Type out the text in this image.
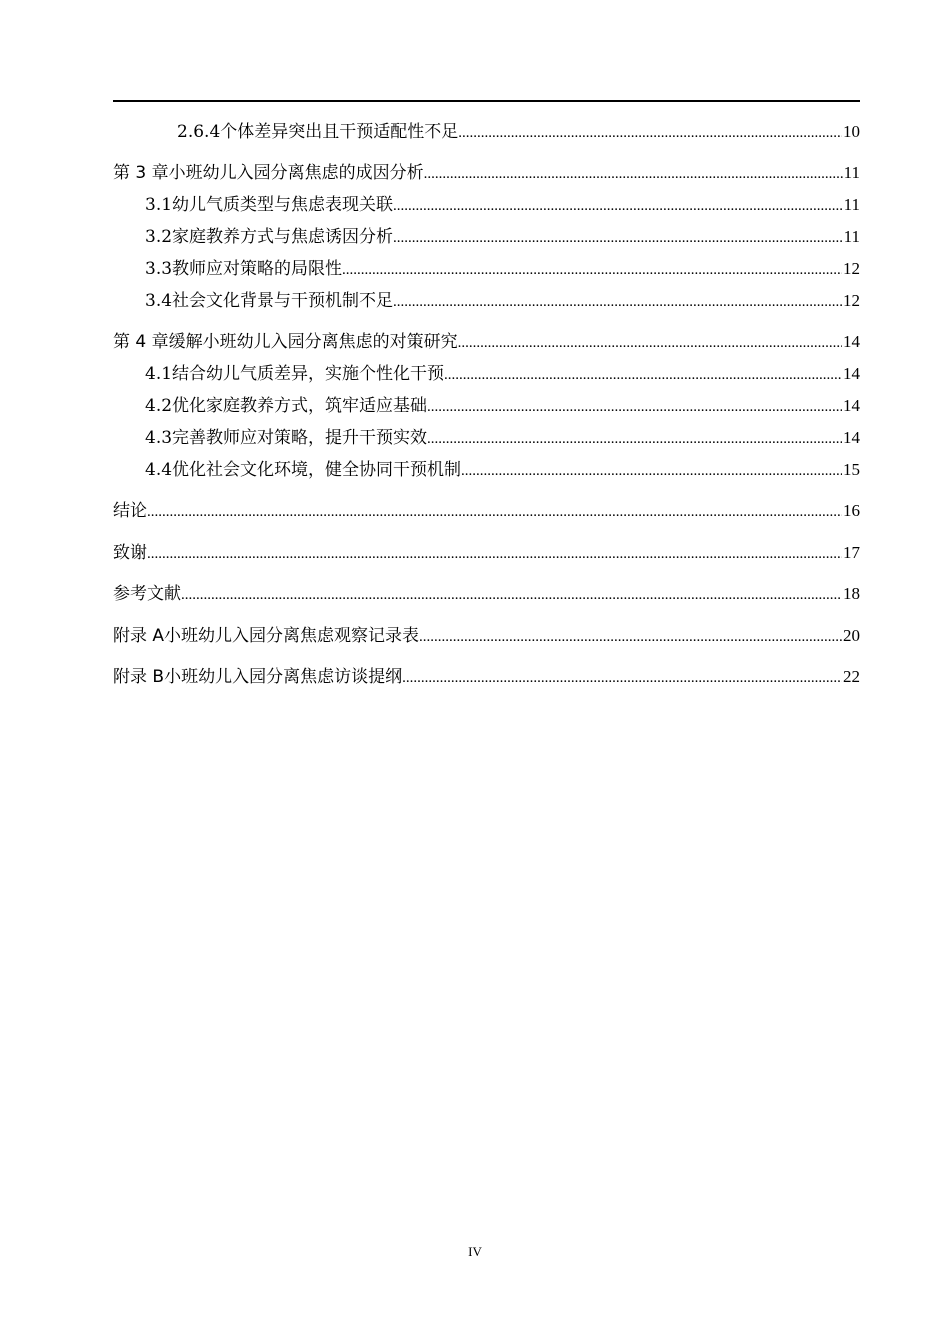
2.6.4 个体差异突出且干预适配性不足 .....	10
第 3 章 小班幼儿入园分离焦虑的成因分析 .....	11
3.1 幼儿气质类型与焦虑表现关联 .....	11
3.2 家庭教养方式与焦虑诱因分析 .....	11
3.3 教师应对策略的局限性 .....	12
3.4 社会文化背景与干预机制不足 .....	12
第 4 章 缓解小班幼儿入园分离焦虑的对策研究 .....	14
4.1 结合幼儿气质差异，实施个性化干预 .....	14
4.2 优化家庭教养方式，筑牢适应基础 .....	14
4.3 完善教师应对策略，提升干预实效 .....	14
4.4 优化社会文化环境，健全协同干预机制 .....	15
结论 .....	16
致谢 .....	17
参考文献 .....	18
附录 A 小班幼儿入园分离焦虑观察记录表 .....	20
附录 B 小班幼儿入园分离焦虑访谈提纲 .....	22
IV
